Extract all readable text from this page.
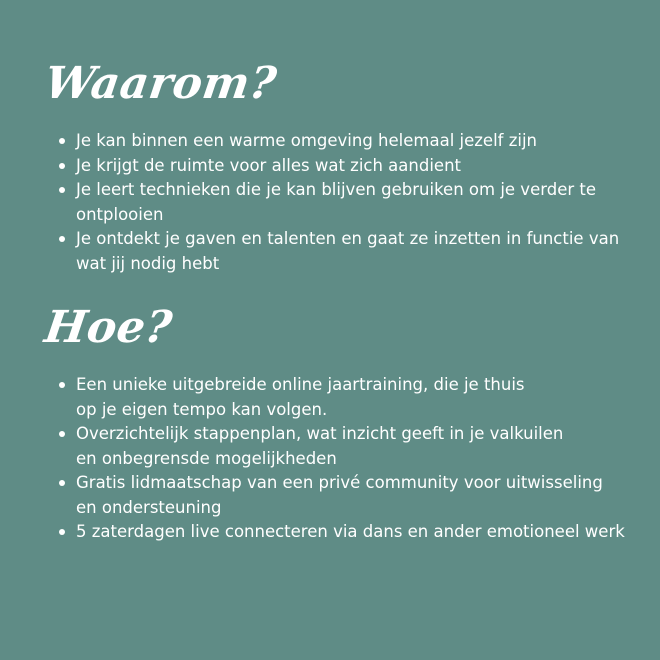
Waarom?
Je kan binnen een warme omgeving helemaal jezelf zijn
Je krijgt de ruimte voor alles wat zich aandient
Je leert technieken die je kan blijven gebruiken om je verder te
ontplooien
Je ontdekt je gaven en talenten en gaat ze inzetten in functie van
wat jij nodig hebt
Hoe?
Een unieke uitgebreide online jaartraining, die je thuis
op je eigen tempo kan volgen.
Overzichtelijk stappenplan, wat inzicht geeft in je valkuilen
en onbegrensde mogelijkheden
Gratis lidmaatschap van een privé community voor uitwisseling
en ondersteuning
5 zaterdagen live connecteren via dans en ander emotioneel werk
